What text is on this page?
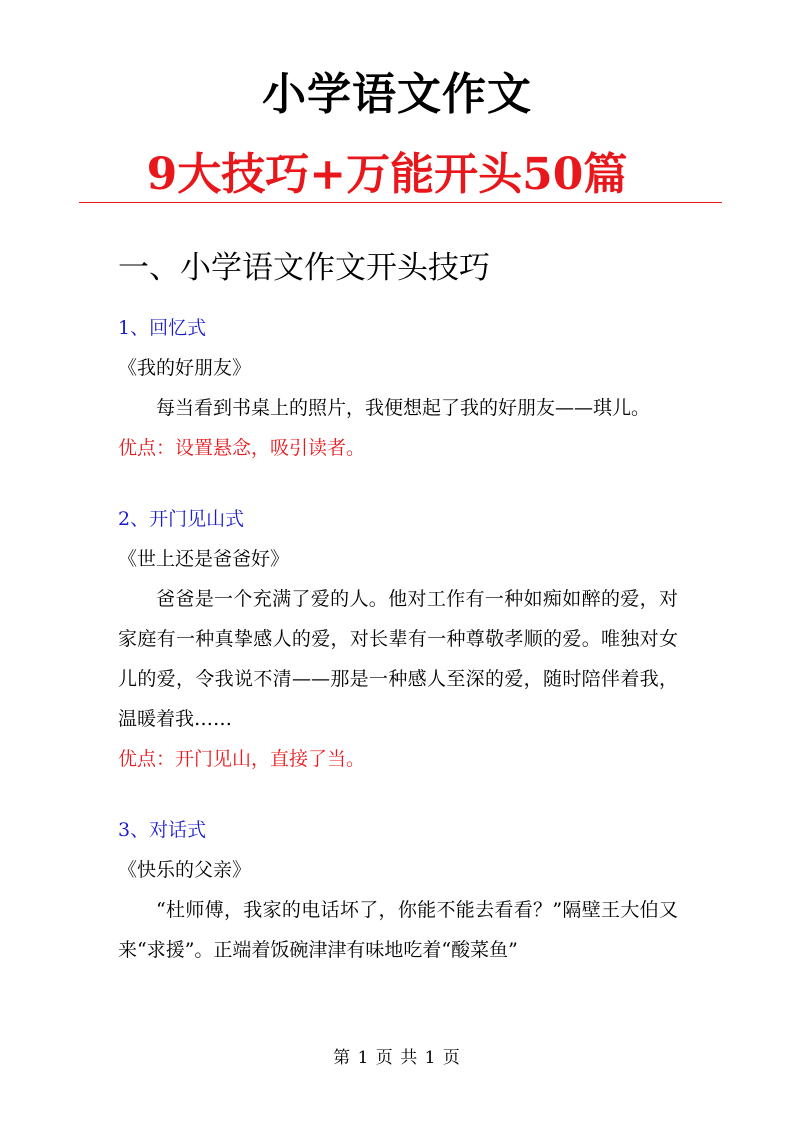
小学语文作文
9大技巧+万能开头50篇
一、小学语文作文开头技巧

1、回忆式

《我的好朋友》

每当看到书桌上的照片，我便想起了我的好朋友——琪儿。

优点：设置悬念，吸引读者。

2、开门见山式

《世上还是爸爸好》

爸爸是一个充满了爱的人。他对工作有一种如痴如醉的爱，对家庭有一种真挚感人的爱，对长辈有一种尊敬孝顺的爱。唯独对女儿的爱，令我说不清——那是一种感人至深的爱，随时陪伴着我，温暖着我……

优点：开门见山，直接了当。

3、对话式

《快乐的父亲》

“杜师傅，我家的电话坏了，你能不能去看看？”隔壁王大伯又来“求援”。正端着饭碗津津有味地吃着“酸菜鱼”

第 1 页 共 1 页
